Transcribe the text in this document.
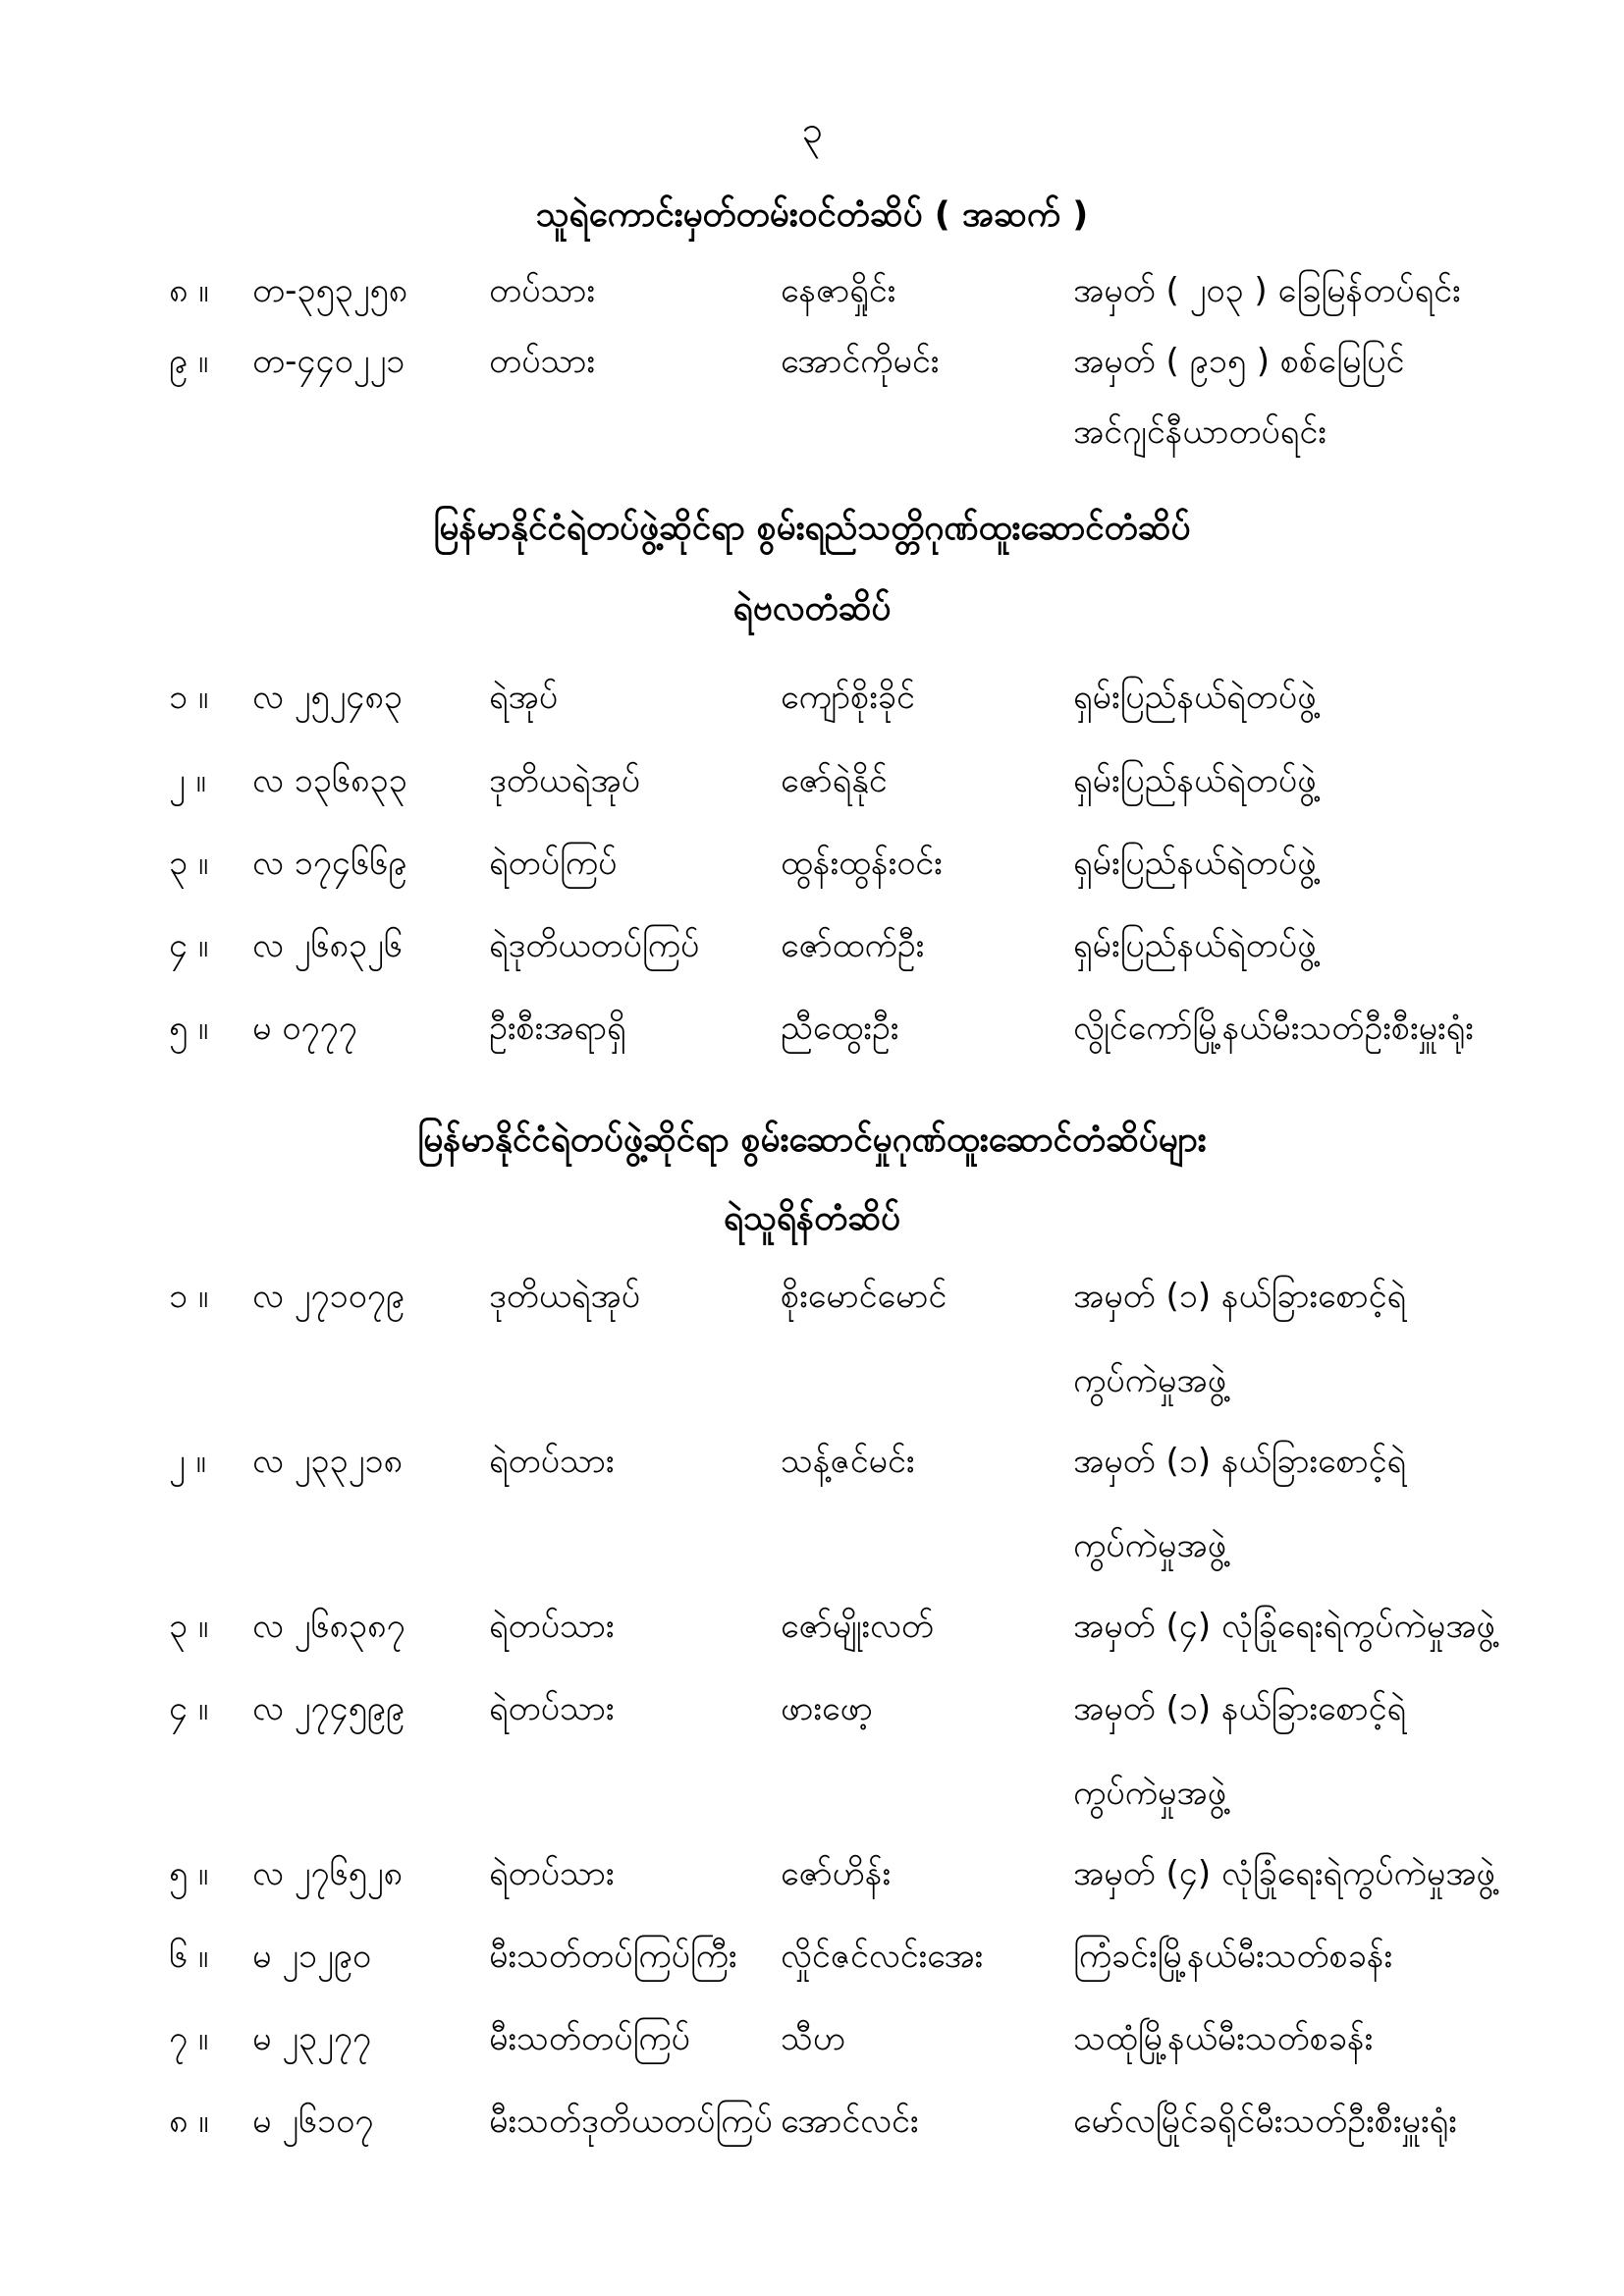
၃
သူရဲကောင်းမှတ်တမ်းဝင်တံဆိပ် ( အဆက် )
၈ ။ တ-၃၅၃၂၅၈ တပ်သား	နေဇာရှိုင်း	အမှတ် ( ၂၀၃ ) ခြေမြန်တပ်ရင်း
၉ ။ တ-၄၄၀၂၂၁	တပ်သား	အောင်ကိုမင်း	အမှတ် ( ၉၁၅ ) စစ်မြေပြင်
အင်ဂျင်နီယာတပ်ရင်း
မြန်မာနိုင်ငံရဲတပ်ဖွဲ့ဆိုင်ရာ စွမ်းရည်သတ္တိဂုဏ်ထူးဆောင်တံဆိပ်
ရဲဗလတံဆိပ်
၁ ။ လ ၂၅၂၄၈၃	ရဲအုပ်	ကျော်စိုးခိုင်	ရှမ်းပြည်နယ်ရဲတပ်ဖွဲ့
၂ ။ လ ၁၃၆၈၃၃ ဒုတိယရဲအုပ်	ဇော်ရဲနိုင်	ရှမ်းပြည်နယ်ရဲတပ်ဖွဲ့
၃ ။ လ ၁၇၄၆၆၉ ရဲတပ်ကြပ်	ထွန်းထွန်းဝင်း	ရှမ်းပြည်နယ်ရဲတပ်ဖွဲ့
၄ ။ လ ၂၆၈၃၂၆	ရဲဒုတိယတပ်ကြပ် ဇော်ထက်ဦး	ရှမ်းပြည်နယ်ရဲတပ်ဖွဲ့
၅ ။ မ ၀၇၇၇	ဦးစီးအရာရှိ	ညီထွေးဦး	လွိုင်ကော်မြို့နယ်မီးသတ်ဦးစီးမှူးရုံး
မြန်မာနိုင်ငံရဲတပ်ဖွဲ့ဆိုင်ရာ စွမ်းဆောင်မှုဂုဏ်ထူးဆောင်တံဆိပ်များ
ရဲသူရိန်တံဆိပ်
၁ ။ လ ၂၇၁၀၇၉	ဒုတိယရဲအုပ်	စိုးမောင်မောင်	အမှတ် (၁) နယ်ခြားစောင့်ရဲ
ကွပ်ကဲမှုအဖွဲ့
၂ ။ လ ၂၃၃၂၁၈	ရဲတပ်သား	သန့်ဇင်မင်း	အမှတ် (၁) နယ်ခြားစောင့်ရဲ
ကွပ်ကဲမှုအဖွဲ့
၃ ။ လ ၂၆၈၃၈၇	ရဲတပ်သား	ဇော်မျိုးလတ်	အမှတ် (၄) လုံခြုံရေးရဲကွပ်ကဲမှုအဖွဲ့
၄ ။ လ ၂၇၄၅၉၉	ရဲတပ်သား	ဖားဖော့	အမှတ် (၁) နယ်ခြားစောင့်ရဲ
ကွပ်ကဲမှုအဖွဲ့
၅ ။ လ ၂၇၆၅၂၈	ရဲတပ်သား	ဇော်ဟိန်း	အမှတ် (၄) လုံခြုံရေးရဲကွပ်ကဲမှုအဖွဲ့
၆ ။ မ ၂၁၂၉၀	မီးသတ်တပ်ကြပ်ကြီး လှိုင်ဇင်လင်းအေး	ကြံခင်းမြို့နယ်မီးသတ်စခန်း
၇ ။ မ ၂၃၂၇၇	မီးသတ်တပ်ကြပ်	သီဟ	သထုံမြို့နယ်မီးသတ်စခန်း
၈ ။ မ ၂၆၁၀၇	မီးသတ်ဒုတိယတပ်ကြပ် အောင်လင်း	မော်လမြိုင်ခရိုင်မီးသတ်ဦးစီးမှူးရုံး
